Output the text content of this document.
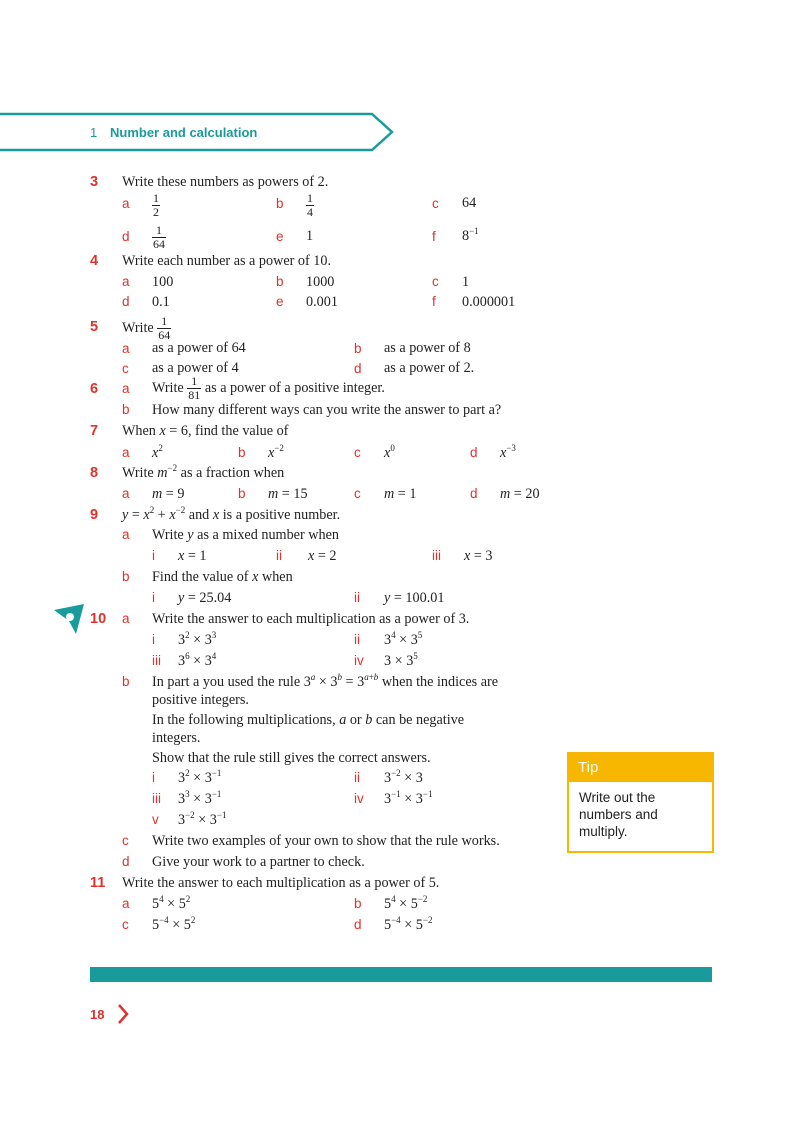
1 Number and calculation
3 Write these numbers as powers of 2.
a $\frac{1}{2}$	b $\frac{1}{4}$	c 64
d $\frac{1}{64}$	e 1	f $8^{-1}$
4 Write each number as a power of 10.
a 100	b 1000	c 1
d 0.1	e 0.001	f 0.000001
5 Write $\frac{1}{64}$
a as a power of 64	b as a power of 8
c as a power of 4	d as a power of 2.
6 a Write $\frac{1}{81}$ as a power of a positive integer.
b How many different ways can you write the answer to part a?
7 When x = 6, find the value of
a $x^2$	b $x^{-2}$	c $x^0$	d $x^{-3}$
8 Write $m^{-2}$ as a fraction when
a m = 9	b m = 15	c m = 1	d m = 20
9 $y = x^2 + x^{-2}$ and x is a positive number.
a Write y as a mixed number when
i x = 1	ii x = 2	iii x = 3
b Find the value of x when
i y = 25.04	ii y = 100.01
10 a Write the answer to each multiplication as a power of 3.
i $3^2 \times 3^3$	ii $3^4 \times 3^5$
iii $3^6 \times 3^4$	iv $3 \times 3^5$
b In part a you used the rule $3^a \times 3^b = 3^{a+b}$ when the indices are
positive integers.
In the following multiplications, a or b can be negative
integers.
Show that the rule still gives the correct answers.
i $3^2 \times 3^{-1}$	ii $3^{-2} \times 3$
iii $3^3 \times 3^{-1}$	iv $3^{-1} \times 3^{-1}$
v $3^{-2} \times 3^{-1}$
c Write two examples of your own to show that the rule works.
d Give your work to a partner to check.
11 Write the answer to each multiplication as a power of 5.
a $5^4 \times 5^2$	b $5^4 \times 5^{-2}$
c $5^{-4} \times 5^2$	d $5^{-4} \times 5^{-2}$
Tip
Write out the numbers and multiply.
18
